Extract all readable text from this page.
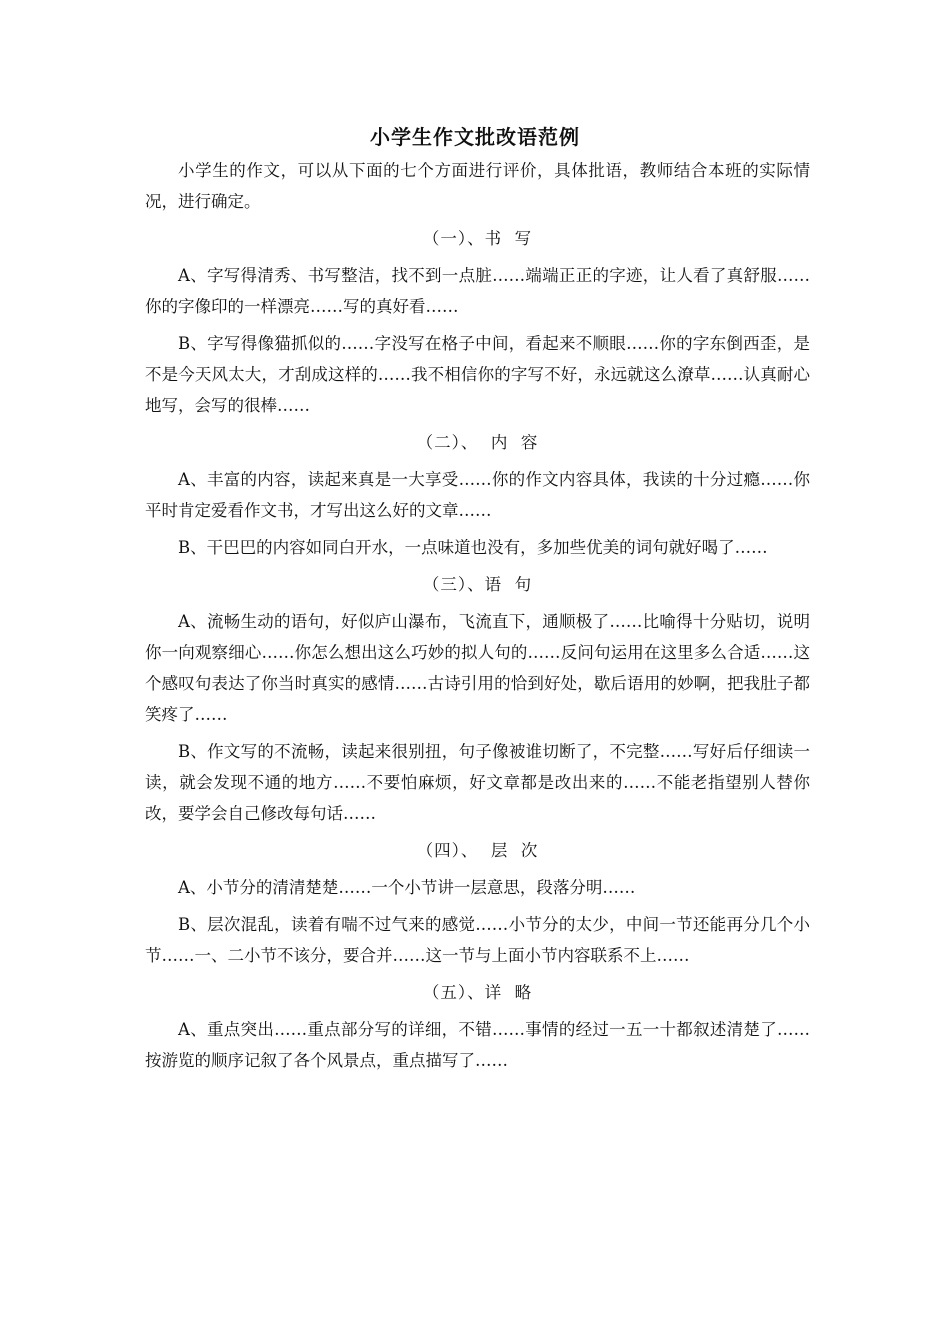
小学生作文批改语范例

小学生的作文，可以从下面的七个方面进行评价，具体批语，教师结合本班的实际情况，进行确定。

（一）、书  写

A、字写得清秀、书写整洁，找不到一点脏……端端正正的字迹，让人看了真舒服……你的字像印的一样漂亮……写的真好看……

B、字写得像猫抓似的……字没写在格子中间，看起来不顺眼……你的字东倒西歪，是不是今天风太大，才刮成这样的……我不相信你的字写不好，永远就这么潦草……认真耐心地写，会写的很棒……

（二）、  内  容

A、丰富的内容，读起来真是一大享受……你的作文内容具体，我读的十分过瘾……你平时肯定爱看作文书，才写出这么好的文章……

B、干巴巴的内容如同白开水，一点味道也没有，多加些优美的词句就好喝了……

（三）、语  句

A、流畅生动的语句，好似庐山瀑布，飞流直下，通顺极了……比喻得十分贴切，说明你一向观察细心……你怎么想出这么巧妙的拟人句的……反问句运用在这里多么合适……这个感叹句表达了你当时真实的感情……古诗引用的恰到好处，歇后语用的妙啊，把我肚子都笑疼了……

B、作文写的不流畅，读起来很别扭，句子像被谁切断了，不完整……写好后仔细读一读，就会发现不通的地方……不要怕麻烦，好文章都是改出来的……不能老指望别人替你改，要学会自己修改每句话……

（四）、  层  次

A、小节分的清清楚楚……一个小节讲一层意思，段落分明……

B、层次混乱，读着有喘不过气来的感觉……小节分的太少，中间一节还能再分几个小节……一、二小节不该分，要合并……这一节与上面小节内容联系不上……

（五）、详  略

A、重点突出……重点部分写的详细，不错……事情的经过一五一十都叙述清楚了……按游览的顺序记叙了各个风景点，重点描写了……
